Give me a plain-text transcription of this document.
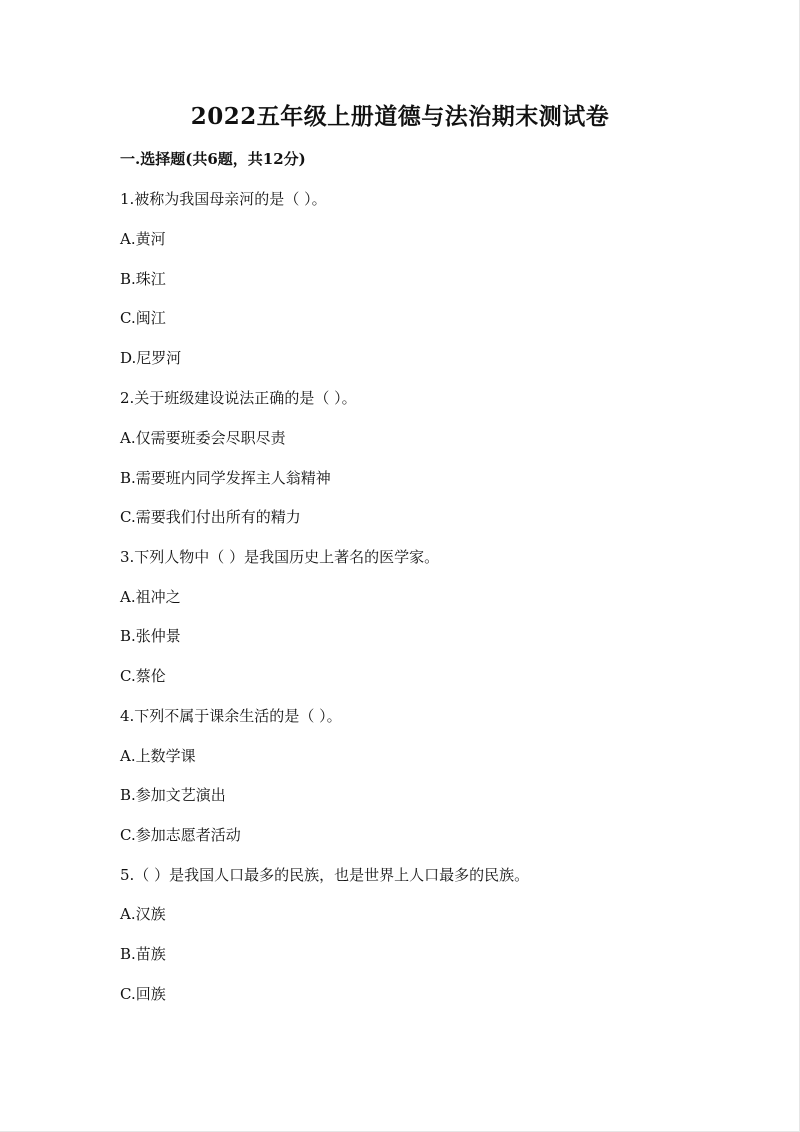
2022五年级上册道德与法治期末测试卷
一.选择题(共6题，共12分)
1.被称为我国母亲河的是（ ）。
A.黄河
B.珠江
C.闽江
D.尼罗河
2.关于班级建设说法正确的是（ ）。
A.仅需要班委会尽职尽责
B.需要班内同学发挥主人翁精神
C.需要我们付出所有的精力
3.下列人物中（ ）是我国历史上著名的医学家。
A.祖冲之
B.张仲景
C.蔡伦
4.下列不属于课余生活的是（ ）。
A.上数学课
B.参加文艺演出
C.参加志愿者活动
5.（ ）是我国人口最多的民族，也是世界上人口最多的民族。
A.汉族
B.苗族
C.回族
